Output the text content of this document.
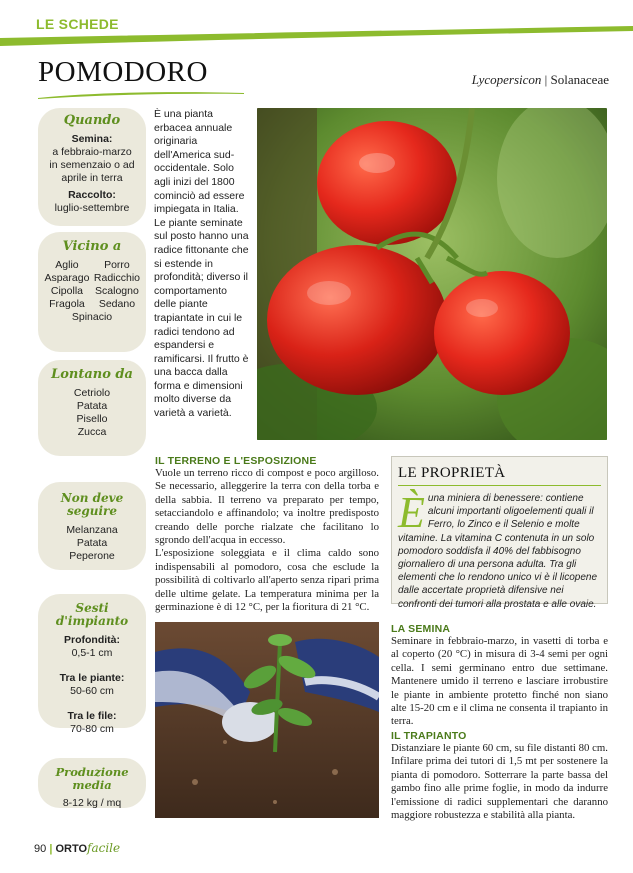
LE SCHEDE
POMODORO	Lycopersicon | Solanaceae
Quando
Semina:
a febbraio-marzo in semenzaio o ad aprile in terra
Raccolto:
luglio-settembre
Vicino a
Aglio	Porro
Asparago Radicchio
Cipolla	Scalogno
Fragola	Sedano
Spinacio
Lontano da
Cetriolo
Patata
Pisello
Zucca
Non deve seguire
Melanzana
Patata
Peperone
Sesti d'impianto
Profondità:
0,5-1 cm
Tra le piante:
50-60 cm
Tra le file:
70-80 cm
Produzione media
8-12 kg / mq
È una pianta erbacea annuale originaria dell'America sud-occidentale. Solo agli inizi del 1800 cominciò ad essere impiegata in Italia. Le piante seminate sul posto hanno una radice fittonante che si estende in profondità; diverso il comportamento delle piante trapiantate in cui le radici tendono ad espandersi e ramificarsi. Il frutto è una bacca dalla forma e dimensioni molto diverse da varietà a varietà.
IL TERRENO E L'ESPOSIZIONE
Vuole un terreno ricco di compost e poco argilloso. Se necessario, alleggerire la terra con della torba e della sabbia. Il terreno va preparato per tempo, setacciandolo e affinandolo; va inoltre predisposto creando delle porche rialzate che facilitano lo sgrondo dell'acqua in eccesso.
L'esposizione soleggiata e il clima caldo sono indispensabili al pomodoro, cosa che esclude la possibilità di coltivarlo all'aperto senza ripari prima delle ultime gelate. La temperatura minima per la germinazione è di 12 °C, per la fioritura di 21 °C.
LE PROPRIETÀ
Èuna miniera di benessere: contiene alcuni importanti oligoelementi quali il Ferro, lo Zinco e il Selenio e molte vitamine. La vitamina C contenuta in un solo pomodoro soddisfa il 40% del fabbisogno giornaliero di una persona adulta. Tra gli elementi che lo rendono unico vi è il licopene dalle accertate proprietà difensive nei confronti dei tumori alla prostata e alle ovaie.
LA SEMINA
Seminare in febbraio-marzo, in vasetti di torba e al coperto (20 °C) in misura di 3-4 semi per ogni cella. I semi germinano entro due settimane. Mantenere umido il terreno e lasciare irrobustire le piante in ambiente protetto finché non siano alte 15-20 cm e il clima ne consenta il trapianto in terra.
IL TRAPIANTO
Distanziare le piante 60 cm, su file distanti 80 cm. Infilare prima dei tutori di 1,5 mt per sostenere la pianta di pomodoro. Sotterrare la parte bassa del gambo fino alle prime foglie, in modo da indurre l'emissione di radici supplementari che daranno maggiore robustezza e stabilità alla pianta.
90 | ORTOfacile
